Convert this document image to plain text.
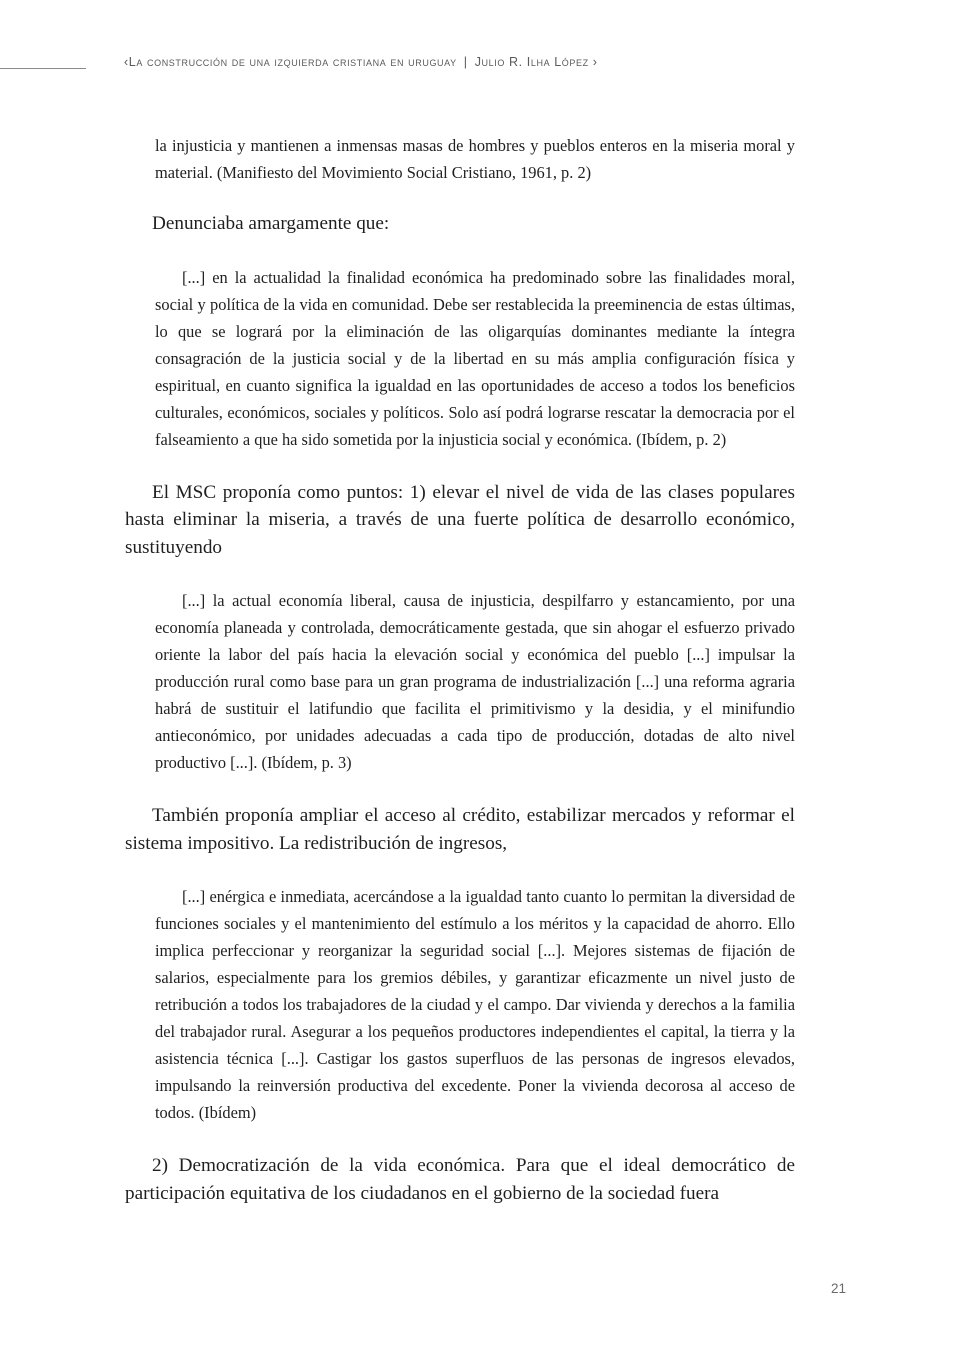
‹La construcción de una izquierda cristiana en uruguay | Julio R. Ilha López ›

la injusticia y mantienen a inmensas masas de hombres y pueblos enteros en la miseria moral y material. (Manifiesto del Movimiento Social Cristiano, 1961, p. 2)

Denunciaba amargamente que:

[...] en la actualidad la finalidad económica ha predominado sobre las finalidades moral, social y política de la vida en comunidad. Debe ser restablecida la preeminencia de estas últimas, lo que se logrará por la eliminación de las oligarquías dominantes mediante la íntegra consagración de la justicia social y de la libertad en su más amplia configuración física y espiritual, en cuanto significa la igualdad en las oportunidades de acceso a todos los beneficios culturales, económicos, sociales y políticos. Solo así podrá lograrse rescatar la democracia por el falseamiento a que ha sido sometida por la injusticia social y económica. (Ibídem, p. 2)

El MSC proponía como puntos: 1) elevar el nivel de vida de las clases populares hasta eliminar la miseria, a través de una fuerte política de desarrollo económico, sustituyendo

[...] la actual economía liberal, causa de injusticia, despilfarro y estancamiento, por una economía planeada y controlada, democráticamente gestada, que sin ahogar el esfuerzo privado oriente la labor del país hacia la elevación social y económica del pueblo [...] impulsar la producción rural como base para un gran programa de industrialización [...] una reforma agraria habrá de sustituir el latifundio que facilita el primitivismo y la desidia, y el minifundio antieconómico, por unidades adecuadas a cada tipo de producción, dotadas de alto nivel productivo [...]. (Ibídem, p. 3)

También proponía ampliar el acceso al crédito, estabilizar mercados y reformar el sistema impositivo. La redistribución de ingresos,

[...] enérgica e inmediata, acercándose a la igualdad tanto cuanto lo permitan la diversidad de funciones sociales y el mantenimiento del estímulo a los méritos y la capacidad de ahorro. Ello implica perfeccionar y reorganizar la seguridad social [...]. Mejores sistemas de fijación de salarios, especialmente para los gremios débiles, y garantizar eficazmente un nivel justo de retribución a todos los trabajadores de la ciudad y el campo. Dar vivienda y derechos a la familia del trabajador rural. Asegurar a los pequeños productores independientes el capital, la tierra y la asistencia técnica [...]. Castigar los gastos superfluos de las personas de ingresos elevados, impulsando la reinversión productiva del excedente. Poner la vivienda decorosa al acceso de todos. (Ibídem)

2) Democratización de la vida económica. Para que el ideal democrático de participación equitativa de los ciudadanos en el gobierno de la sociedad fuera

21
